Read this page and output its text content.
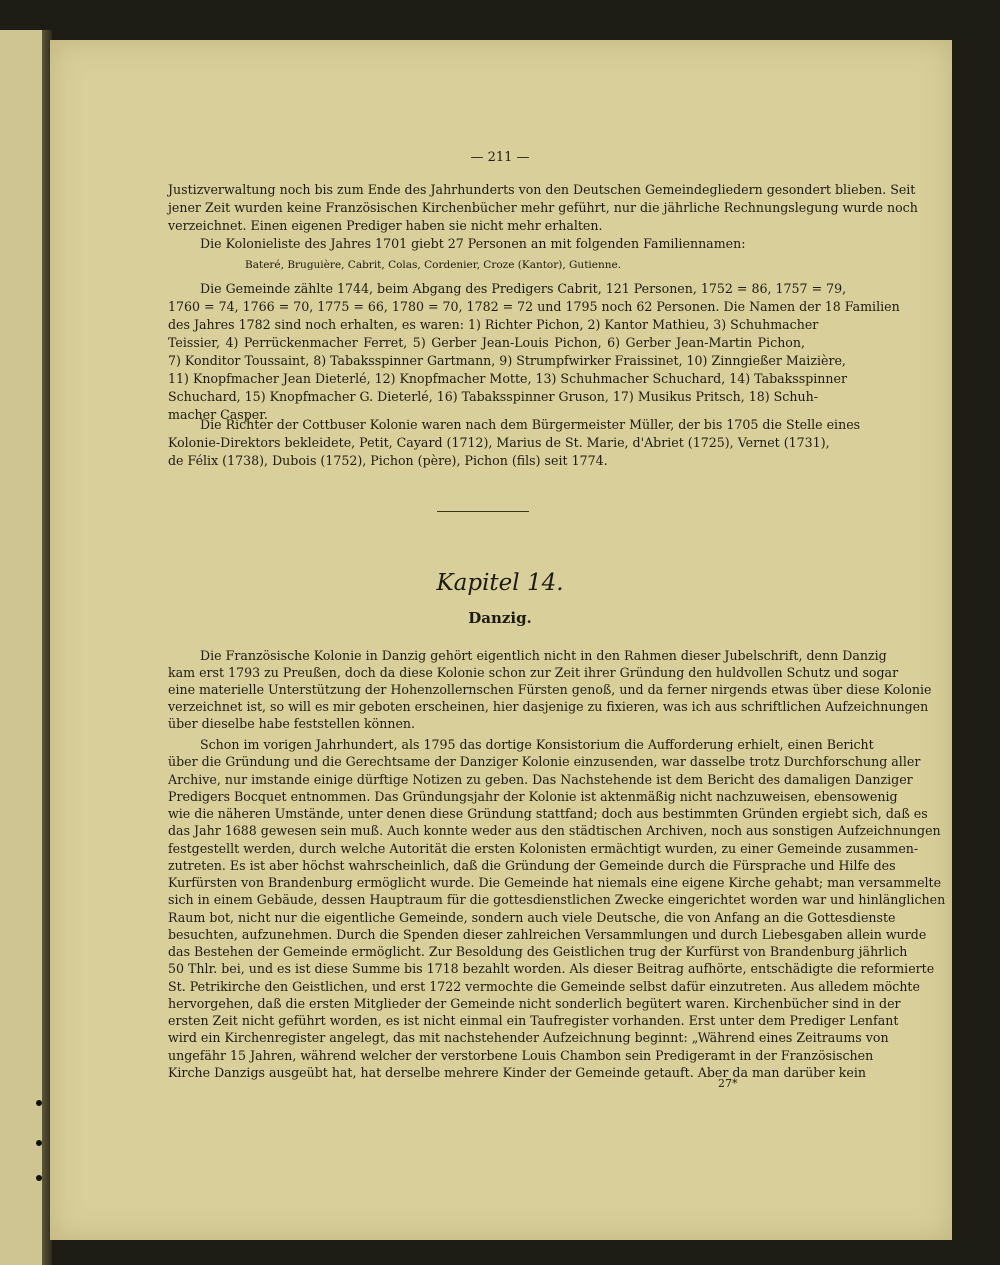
— 211 —
Justizverwaltung noch bis zum Ende des Jahrhunderts von den Deutschen Gemeindegliedern gesondert blieben. Seit
jener Zeit wurden keine Französischen Kirchenbücher mehr geführt, nur die jährliche Rechnungslegung wurde noch
verzeichnet. Einen eigenen Prediger haben sie nicht mehr erhalten.
Die Kolonieliste des Jahres 1701 giebt 27 Personen an mit folgenden Familiennamen:
Die Gemeinde zählte 1744, beim Abgang des Predigers Cabrit, 121 Personen, 1752 = 86, 1757 = 79,
1760 = 74, 1766 = 70, 1775 = 66, 1780 = 70, 1782 = 72 und 1795 noch 62 Personen. Die Namen der 18 Familien
des Jahres 1782 sind noch erhalten, es waren: 1) Richter Pichon, 2) Kantor Mathieu, 3) Schuhmacher
Teissier, 4) Perrückenmacher Ferret, 5) Gerber Jean-Louis Pichon, 6) Gerber Jean-Martin Pichon,
7) Konditor Toussaint, 8) Tabaksspinner Gartmann, 9) Strumpfwirker Fraissinet, 10) Zinngießer Maizière,
11) Knopfmacher Jean Dieterlé, 12) Knopfmacher Motte, 13) Schuhmacher Schuchard, 14) Tabaksspinner
Schuchard, 15) Knopfmacher G. Dieterlé, 16) Tabaksspinner Gruson, 17) Musikus Pritsch, 18) Schuh-
macher Casper.
Die Richter der Cottbuser Kolonie waren nach dem Bürgermeister Müller, der bis 1705 die Stelle eines
Kolonie-Direktors bekleidete, Petit, Cayard (1712), Marius de St. Marie, d'Abriet (1725), Vernet (1731),
de Félix (1738), Dubois (1752), Pichon (père), Pichon (fils) seit 1774.
Die Französische Kolonie in Danzig gehört eigentlich nicht in den Rahmen dieser Jubelschrift, denn Danzig
kam erst 1793 zu Preußen, doch da diese Kolonie schon zur Zeit ihrer Gründung den huldvollen Schutz und sogar
eine materielle Unterstützung der Hohenzollernschen Fürsten genoß, und da ferner nirgends etwas über diese Kolonie
verzeichnet ist, so will es mir geboten erscheinen, hier dasjenige zu fixieren, was ich aus schriftlichen Aufzeichnungen
über dieselbe habe feststellen können.
Schon im vorigen Jahrhundert, als 1795 das dortige Konsistorium die Aufforderung erhielt, einen Bericht
über die Gründung und die Gerechtsame der Danziger Kolonie einzusenden, war dasselbe trotz Durchforschung aller
Archive, nur imstande einige dürftige Notizen zu geben. Das Nachstehende ist dem Bericht des damaligen Danziger
Predigers Bocquet entnommen. Das Gründungsjahr der Kolonie ist aktenmäßig nicht nachzuweisen, ebensowenig
wie die näheren Umstände, unter denen diese Gründung stattfand; doch aus bestimmten Gründen ergiebt sich, daß es
das Jahr 1688 gewesen sein muß. Auch konnte weder aus den städtischen Archiven, noch aus sonstigen Aufzeichnungen
festgestellt werden, durch welche Autorität die ersten Kolonisten ermächtigt wurden, zu einer Gemeinde zusammen-
zutreten. Es ist aber höchst wahrscheinlich, daß die Gründung der Gemeinde durch die Fürsprache und Hilfe des
Kurfürsten von Brandenburg ermöglicht wurde. Die Gemeinde hat niemals eine eigene Kirche gehabt; man versammelte
sich in einem Gebäude, dessen Hauptraum für die gottesdienstlichen Zwecke eingerichtet worden war und hinlänglichen
Raum bot, nicht nur die eigentliche Gemeinde, sondern auch viele Deutsche, die von Anfang an die Gottesdienste
besuchten, aufzunehmen. Durch die Spenden dieser zahlreichen Versammlungen und durch Liebesgaben allein wurde
das Bestehen der Gemeinde ermöglicht. Zur Besoldung des Geistlichen trug der Kurfürst von Brandenburg jährlich
50 Thlr. bei, und es ist diese Summe bis 1718 bezahlt worden. Als dieser Beitrag aufhörte, entschädigte die reformierte
St. Petrikirche den Geistlichen, und erst 1722 vermochte die Gemeinde selbst dafür einzutreten. Aus alledem möchte
hervorgehen, daß die ersten Mitglieder der Gemeinde nicht sonderlich begütert waren. Kirchenbücher sind in der
ersten Zeit nicht geführt worden, es ist nicht einmal ein Taufregister vorhanden. Erst unter dem Prediger Lenfant
wird ein Kirchenregister angelegt, das mit nachstehender Aufzeichnung beginnt: „Während eines Zeitraums von
ungefähr 15 Jahren, während welcher der verstorbene Louis Chambon sein Predigeramt in der Französischen
Kirche Danzigs ausgeübt hat, hat derselbe mehrere Kinder der Gemeinde getauft. Aber da man darüber kein
Bateré, Bruguière, Cabrit, Colas, Cordenier, Croze (Kantor), Gutienne.
Kapitel 14.
Danzig.
27*
